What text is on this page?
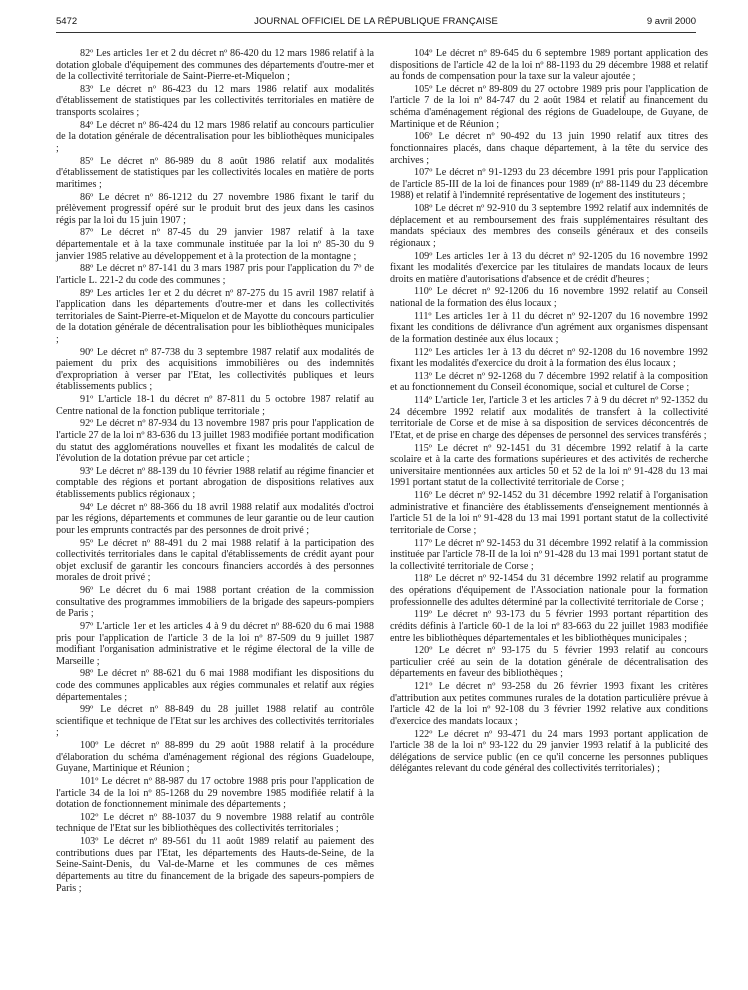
5472	JOURNAL OFFICIEL DE LA RÉPUBLIQUE FRANÇAISE	9 avril 2000

82º Les articles 1er et 2 du décret nº 86-420 du 12 mars 1986 relatif à la dotation globale d'équipement des communes des départements d'outre-mer et de la collectivité territoriale de Saint-Pierre-et-Miquelon ;

83º Le décret nº 86-423 du 12 mars 1986 relatif aux modalités d'établissement de statistiques par les collectivités territoriales en matière de transports scolaires ;

84º Le décret nº 86-424 du 12 mars 1986 relatif au concours particulier de la dotation générale de décentralisation pour les bibliothèques municipales ;

85º Le décret nº 86-989 du 8 août 1986 relatif aux modalités d'établissement de statistiques par les collectivités locales en matière de ports maritimes ;

86º Le décret nº 86-1212 du 27 novembre 1986 fixant le tarif du prélèvement progressif opéré sur le produit brut des jeux dans les casinos régis par la loi du 15 juin 1907 ;

87º Le décret nº 87-45 du 29 janvier 1987 relatif à la taxe départementale et à la taxe communale instituée par la loi nº 85-30 du 9 janvier 1985 relative au développement et à la protection de la montagne ;

88º Le décret nº 87-141 du 3 mars 1987 pris pour l'application du 7º de l'article L. 221-2 du code des communes ;

89º Les articles 1er et 2 du décret nº 87-275 du 15 avril 1987 relatif à l'application dans les départements d'outre-mer et dans les collectivités territoriales de Saint-Pierre-et-Miquelon et de Mayotte du concours particulier de la dotation générale de décentralisation pour les bibliothèques municipales ;

90º Le décret nº 87-738 du 3 septembre 1987 relatif aux modalités de paiement du prix des acquisitions immobilières ou des indemnités d'expropriation à verser par l'Etat, les collectivités publiques et leurs établissements publics ;

91º L'article 18-1 du décret nº 87-811 du 5 octobre 1987 relatif au Centre national de la fonction publique territoriale ;

92º Le décret nº 87-934 du 13 novembre 1987 pris pour l'application de l'article 27 de la loi nº 83-636 du 13 juillet 1983 modifiée portant modification du statut des agglomérations nouvelles et fixant les modalités de calcul de l'évolution de la dotation prévue par cet article ;

93º Le décret nº 88-139 du 10 février 1988 relatif au régime financier et comptable des régions et portant abrogation de dispositions relatives aux établissements publics régionaux ;

94º Le décret nº 88-366 du 18 avril 1988 relatif aux modalités d'octroi par les régions, départements et communes de leur garantie ou de leur caution pour les emprunts contractés par des personnes de droit privé ;

95º Le décret nº 88-491 du 2 mai 1988 relatif à la participation des collectivités territoriales dans le capital d'établissements de crédit ayant pour objet exclusif de garantir les concours financiers accordés à des personnes morales de droit privé ;

96º Le décret du 6 mai 1988 portant création de la commission consultative des programmes immobiliers de la brigade des sapeurs-pompiers de Paris ;

97º L'article 1er et les articles 4 à 9 du décret nº 88-620 du 6 mai 1988 pris pour l'application de l'article 3 de la loi nº 87-509 du 9 juillet 1987 modifiant l'organisation administrative et le régime électoral de la ville de Marseille ;

98º Le décret nº 88-621 du 6 mai 1988 modifiant les dispositions du code des communes applicables aux régies communales et relatif aux régies départementales ;

99º Le décret nº 88-849 du 28 juillet 1988 relatif au contrôle scientifique et technique de l'Etat sur les archives des collectivités territoriales ;

100º Le décret nº 88-899 du 29 août 1988 relatif à la procédure d'élaboration du schéma d'aménagement régional des régions Guadeloupe, Guyane, Martinique et Réunion ;

101º Le décret nº 88-987 du 17 octobre 1988 pris pour l'application de l'article 34 de la loi nº 85-1268 du 29 novembre 1985 modifiée relatif à la dotation de fonctionnement minimale des départements ;

102º Le décret nº 88-1037 du 9 novembre 1988 relatif au contrôle technique de l'Etat sur les bibliothèques des collectivités territoriales ;

103º Le décret nº 89-561 du 11 août 1989 relatif au paiement des contributions dues par l'Etat, les départements des Hauts-de-Seine, de la Seine-Saint-Denis, du Val-de-Marne et les communes de ces mêmes départements au titre du financement de la brigade des sapeurs-pompiers de Paris ;

104º Le décret nº 89-645 du 6 septembre 1989 portant application des dispositions de l'article 42 de la loi nº 88-1193 du 29 décembre 1988 et relatif au fonds de compensation pour la taxe sur la valeur ajoutée ;

105º Le décret nº 89-809 du 27 octobre 1989 pris pour l'application de l'article 7 de la loi nº 84-747 du 2 août 1984 et relatif au financement du schéma d'aménagement régional des régions de Guadeloupe, de Guyane, de Martinique et de Réunion ;

106º Le décret nº 90-492 du 13 juin 1990 relatif aux titres des fonctionnaires placés, dans chaque département, à la tête du service des archives ;

107º Le décret nº 91-1293 du 23 décembre 1991 pris pour l'application de l'article 85-III de la loi de finances pour 1989 (nº 88-1149 du 23 décembre 1988) et relatif à l'indemnité représentative de logement des instituteurs ;

108º Le décret nº 92-910 du 3 septembre 1992 relatif aux indemnités de déplacement et au remboursement des frais supplémentaires résultant des mandats spéciaux des membres des conseils généraux et des conseils régionaux ;

109º Les articles 1er à 13 du décret nº 92-1205 du 16 novembre 1992 fixant les modalités d'exercice par les titulaires de mandats locaux de leurs droits en matière d'autorisations d'absence et de crédit d'heures ;

110º Le décret nº 92-1206 du 16 novembre 1992 relatif au Conseil national de la formation des élus locaux ;

111º Les articles 1er à 11 du décret nº 92-1207 du 16 novembre 1992 fixant les conditions de délivrance d'un agrément aux organismes dispensant de la formation destinée aux élus locaux ;

112º Les articles 1er à 13 du décret nº 92-1208 du 16 novembre 1992 fixant les modalités d'exercice du droit à la formation des élus locaux ;

113º Le décret nº 92-1268 du 7 décembre 1992 relatif à la composition et au fonctionnement du Conseil économique, social et culturel de Corse ;

114º L'article 1er, l'article 3 et les articles 7 à 9 du décret nº 92-1352 du 24 décembre 1992 relatif aux modalités de transfert à la collectivité territoriale de Corse et de mise à sa disposition de services déconcentrés de l'Etat, et de prise en charge des dépenses de personnel des services transférés ;

115º Le décret nº 92-1451 du 31 décembre 1992 relatif à la carte scolaire et à la carte des formations supérieures et des activités de recherche universitaire mentionnées aux articles 50 et 52 de la loi nº 91-428 du 13 mai 1991 portant statut de la collectivité territoriale de Corse ;

116º Le décret nº 92-1452 du 31 décembre 1992 relatif à l'organisation administrative et financière des établissements d'enseignement mentionnés à l'article 51 de la loi nº 91-428 du 13 mai 1991 portant statut de la collectivité territoriale de Corse ;

117º Le décret nº 92-1453 du 31 décembre 1992 relatif à la commission instituée par l'article 78-II de la loi nº 91-428 du 13 mai 1991 portant statut de la collectivité territoriale de Corse ;

118º Le décret nº 92-1454 du 31 décembre 1992 relatif au programme des opérations d'équipement de l'Association nationale pour la formation professionnelle des adultes déterminé par la collectivité territoriale de Corse ;

119º Le décret nº 93-173 du 5 février 1993 portant répartition des crédits définis à l'article 60-1 de la loi nº 83-663 du 22 juillet 1983 modifiée entre les bibliothèques départementales et les bibliothèques municipales ;

120º Le décret nº 93-175 du 5 février 1993 relatif au concours particulier créé au sein de la dotation générale de décentralisation des départements en faveur des bibliothèques ;

121º Le décret nº 93-258 du 26 février 1993 fixant les critères d'attribution aux petites communes rurales de la dotation particulière prévue à l'article 42 de la loi nº 92-108 du 3 février 1992 relative aux conditions d'exercice des mandats locaux ;

122º Le décret nº 93-471 du 24 mars 1993 portant application de l'article 38 de la loi nº 93-122 du 29 janvier 1993 relatif à la publicité des délégations de service public (en ce qu'il concerne les personnes publiques délégantes relevant du code général des collectivités territoriales) ;
